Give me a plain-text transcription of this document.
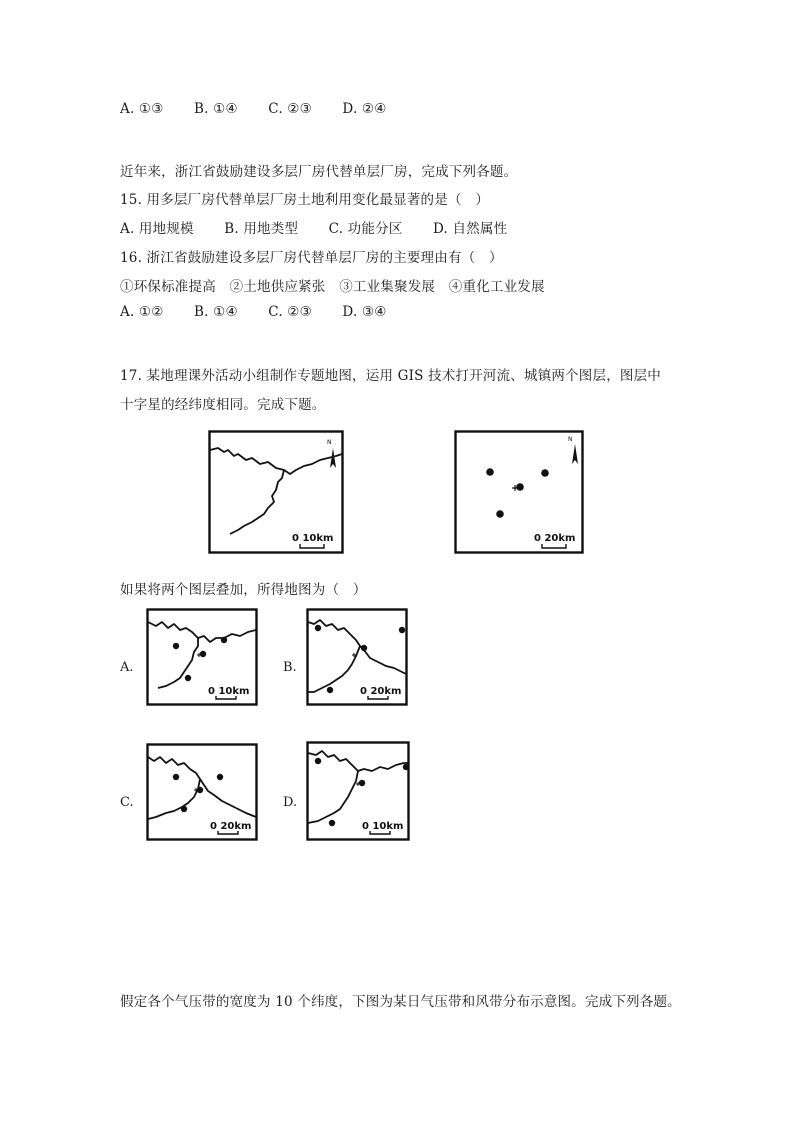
A. ①③ B. ①④ C. ②③ D. ②④
近年来，浙江省鼓励建设多层厂房代替单层厂房，完成下列各题。
15. 用多层厂房代替单层厂房土地利用变化最显著的是（　）
A. 用地规模 B. 用地类型 C. 功能分区 D. 自然属性
16. 浙江省鼓励建设多层厂房代替单层厂房的主要理由有（　）
①环保标准提高　②土地供应紧张　③工业集聚发展　④重化工业发展
A. ①② B. ①④ C. ②③ D. ③④
17. 某地理课外活动小组制作专题地图，运用 GIS 技术打开河流、城镇两个图层，图层中
十字星的经纬度相同。完成下题。
N
0 10km
N
0 20km
如果将两个图层叠加，所得地图为（　）
A.
0 10km
B.
0 20km
C.
0 20km
D.
0 10km
假定各个气压带的宽度为 10 个纬度，下图为某日气压带和风带分布示意图。完成下列各题。
